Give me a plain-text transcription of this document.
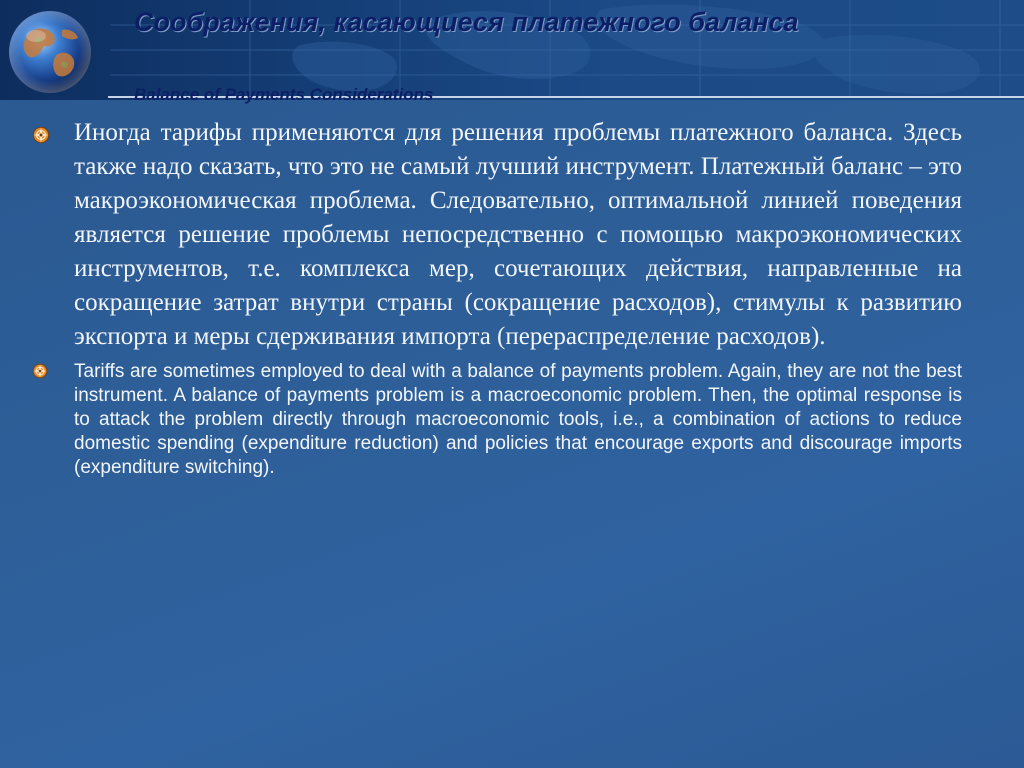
Соображения, касающиеся платежного баланса
Balance of Payments Considerations
Иногда тарифы применяются для решения проблемы платежного баланса. Здесь также надо сказать, что это не самый лучший инструмент. Платежный баланс – это макроэкономическая проблема. Следовательно, оптимальной линией поведения является решение проблемы непосредственно с помощью макроэкономических инструментов, т.е. комплекса мер, сочетающих действия, направленные на сокращение затрат внутри страны (сокращение расходов), стимулы к развитию экспорта и меры сдерживания импорта (перераспределение расходов).
Tariffs are sometimes employed to deal with a balance of payments problem. Again, they are not the best instrument. A balance of payments problem is a macroeconomic problem. Then, the optimal response is to attack the problem directly through macroeconomic tools, i.e., a combination of actions to reduce domestic spending (expenditure reduction) and policies that encourage exports and discourage imports (expenditure switching).
